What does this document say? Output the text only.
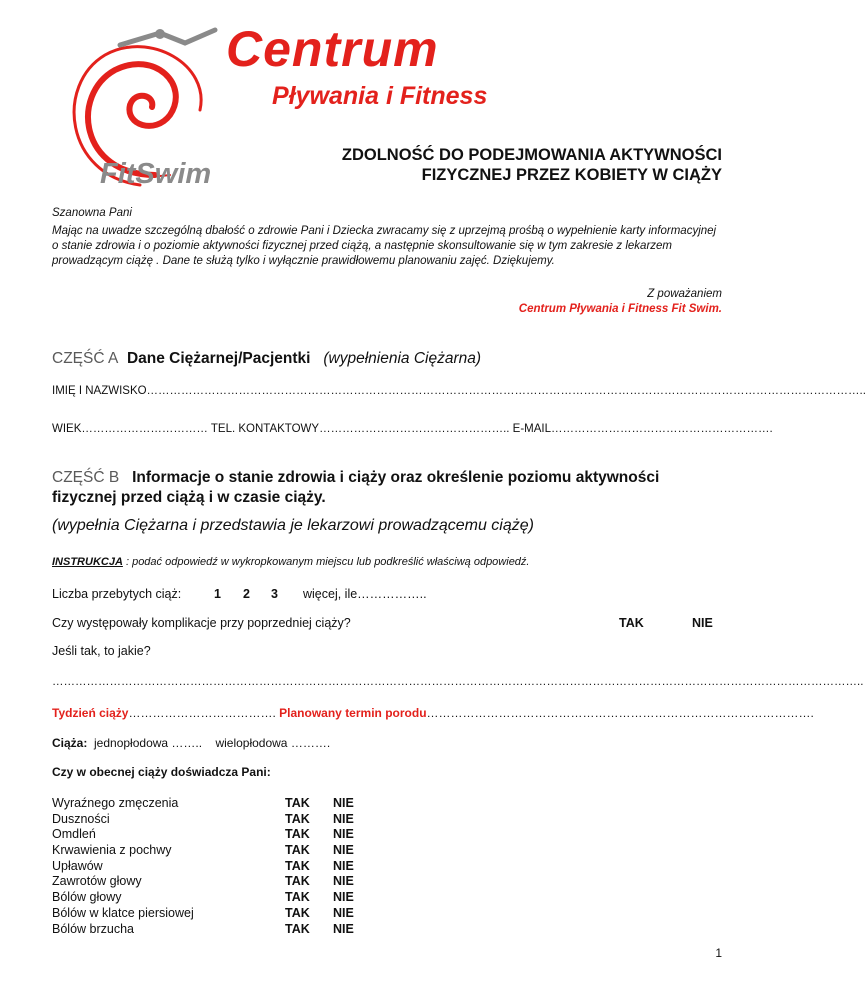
Centrum
Pływania i Fitness
FitSwim
ZDOLNOŚĆ DO PODEJMOWANIA AKTYWNOŚCI
FIZYCZNEJ PRZEZ KOBIETY W CIĄŻY
Szanowna Pani
Mając na uwadze szczególną dbałość o zdrowie Pani i Dziecka zwracamy się z uprzejmą prośbą o wypełnienie karty informacyjnej o stanie zdrowia i o poziomie aktywności fizycznej przed ciążą, a następnie skonsultowanie się w tym zakresie z lekarzem prowadzącym ciążę . Dane te służą tylko i wyłącznie prawidłowemu planowaniu zajęć. Dziękujemy.
Z poważaniem
Centrum Pływania i Fitness Fit Swim.
CZĘŚĆ A Dane Ciężarnej/Pacjentki (wypełnienia Ciężarna)
IMIĘ I NAZWISKO……………………………………………………………………………………………………………………………………………………………………..
WIEK…………………………… TEL. KONTAKTOWY………………………………………….. E-MAIL………………………………………………….
CZĘŚĆ B Informacje o stanie zdrowia i ciąży oraz określenie poziomu aktywności fizycznej przed ciążą i w czasie ciąży.
(wypełnia Ciężarna i przedstawia je lekarzowi prowadzącemu ciążę)
INSTRUKCJA : podać odpowiedź w wykropkowanym miejscu lub podkreślić właściwą odpowiedź.
Liczba przebytych ciąż:	1 2 3 więcej, ile……………..
Czy występowały komplikacje przy poprzedniej ciąży?	TAK	NIE
Jeśli tak, to jakie?
…………………………………………………………………………………………………………………………………………………………………………………………..
Tydzień ciąży………………………………. Planowany termin porodu…………………………………………………………………………………….
Ciąża: jednopłodowa …….. wielopłodowa ……….
Czy w obecnej ciąży doświadcza Pani:
Wyraźnego zmęczenia	TAK	NIE
Duszności	TAK	NIE
Omdleń	TAK	NIE
Krwawienia z pochwy	TAK	NIE
Upławów	TAK	NIE
Zawrotów głowy	TAK	NIE
Bólów głowy	TAK	NIE
Bólów w klatce piersiowej	TAK	NIE
Bólów brzucha	TAK	NIE
1
